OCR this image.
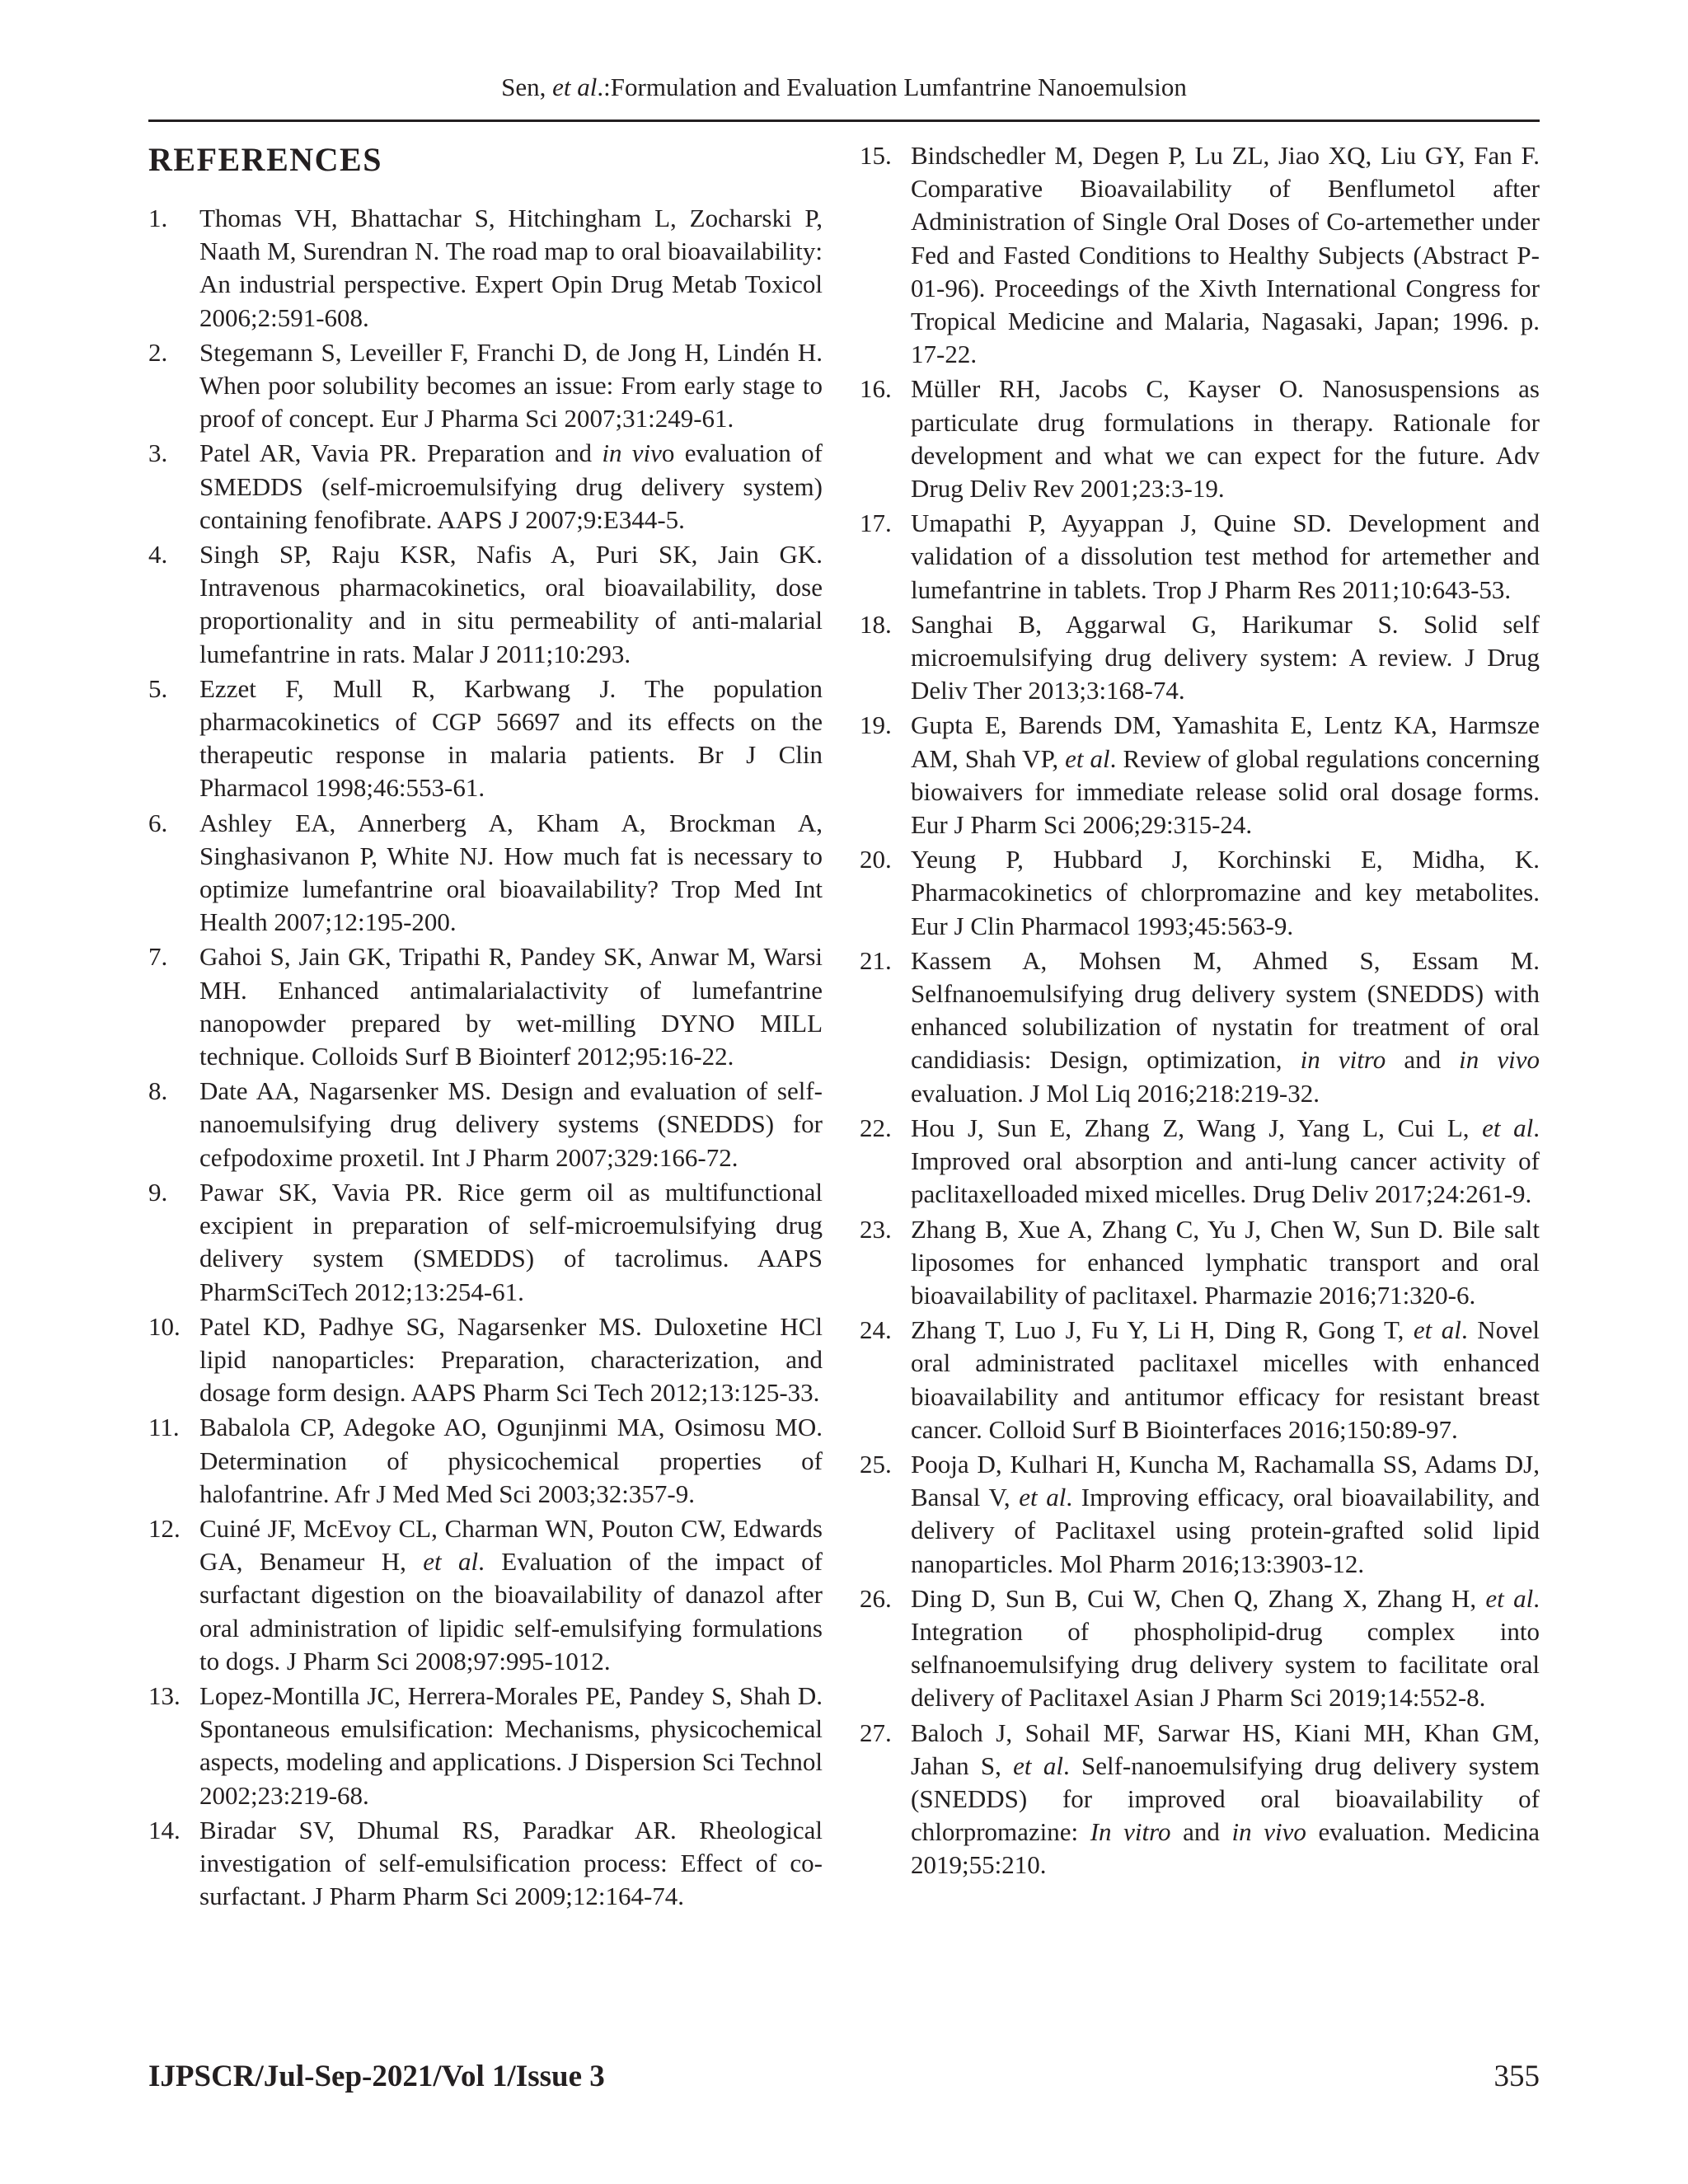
Sen, et al.:Formulation and Evaluation Lumfantrine Nanoemulsion
REFERENCES
1.	Thomas VH, Bhattachar S, Hitchingham L, Zocharski P, Naath M, Surendran N. The road map to oral bioavailability: An industrial perspective. Expert Opin Drug Metab Toxicol 2006;2:591-608.
2.	Stegemann S, Leveiller F, Franchi D, de Jong H, Lindén H. When poor solubility becomes an issue: From early stage to proof of concept. Eur J Pharma Sci 2007;31:249-61.
3.	Patel AR, Vavia PR. Preparation and in vivo evaluation of SMEDDS (self-microemulsifying drug delivery system) containing fenofibrate. AAPS J 2007;9:E344-5.
4.	Singh SP, Raju KSR, Nafis A, Puri SK, Jain GK. Intravenous pharmacokinetics, oral bioavailability, dose proportionality and in situ permeability of anti-malarial lumefantrine in rats. Malar J 2011;10:293.
5.	Ezzet F, Mull R, Karbwang J. The population pharmacokinetics of CGP 56697 and its effects on the therapeutic response in malaria patients. Br J Clin Pharmacol 1998;46:553-61.
6.	Ashley EA, Annerberg A, Kham A, Brockman A, Singhasivanon P, White NJ. How much fat is necessary to optimize lumefantrine oral bioavailability? Trop Med Int Health 2007;12:195-200.
7.	Gahoi S, Jain GK, Tripathi R, Pandey SK, Anwar M, Warsi MH. Enhanced antimalarialactivity of lumefantrine nanopowder prepared by wet-milling DYNO MILL technique. Colloids Surf B Biointerf 2012;95:16-22.
8.	Date AA, Nagarsenker MS. Design and evaluation of self-nanoemulsifying drug delivery systems (SNEDDS) for cefpodoxime proxetil. Int J Pharm 2007;329:166-72.
9.	Pawar SK, Vavia PR. Rice germ oil as multifunctional excipient in preparation of self-microemulsifying drug delivery system (SMEDDS) of tacrolimus. AAPS PharmSciTech 2012;13:254-61.
10. Patel KD, Padhye SG, Nagarsenker MS. Duloxetine HCl lipid nanoparticles: Preparation, characterization, and dosage form design. AAPS Pharm Sci Tech 2012;13:125-33.
11. Babalola CP, Adegoke AO, Ogunjinmi MA, Osimosu MO. Determination of physicochemical properties of halofantrine. Afr J Med Med Sci 2003;32:357-9.
12. Cuiné JF, McEvoy CL, Charman WN, Pouton CW, Edwards GA, Benameur H, et al. Evaluation of the impact of surfactant digestion on the bioavailability of danazol after oral administration of lipidic self-emulsifying formulations to dogs. J Pharm Sci 2008;97:995-1012.
13. Lopez-Montilla JC, Herrera-Morales PE, Pandey S, Shah D. Spontaneous emulsification: Mechanisms, physicochemical aspects, modeling and applications. J Dispersion Sci Technol 2002;23:219-68.
14. Biradar SV, Dhumal RS, Paradkar AR. Rheological investigation of self-emulsification process: Effect of co-surfactant. J Pharm Pharm Sci 2009;12:164-74.
15. Bindschedler M, Degen P, Lu ZL, Jiao XQ, Liu GY, Fan F. Comparative Bioavailability of Benflumetol after Administration of Single Oral Doses of Co-artemether under Fed and Fasted Conditions to Healthy Subjects (Abstract P-01-96). Proceedings of the Xivth International Congress for Tropical Medicine and Malaria, Nagasaki, Japan; 1996. p. 17-22.
16. Müller RH, Jacobs C, Kayser O. Nanosuspensions as particulate drug formulations in therapy. Rationale for development and what we can expect for the future. Adv Drug Deliv Rev 2001;23:3-19.
17. Umapathi P, Ayyappan J, Quine SD. Development and validation of a dissolution test method for artemether and lumefantrine in tablets. Trop J Pharm Res 2011;10:643-53.
18. Sanghai B, Aggarwal G, Harikumar S. Solid self microemulsifying drug delivery system: A review. J Drug Deliv Ther 2013;3:168-74.
19. Gupta E, Barends DM, Yamashita E, Lentz KA, Harmsze AM, Shah VP, et al. Review of global regulations concerning biowaivers for immediate release solid oral dosage forms. Eur J Pharm Sci 2006;29:315-24.
20. Yeung P, Hubbard J, Korchinski E, Midha, K. Pharmacokinetics of chlorpromazine and key metabolites. Eur J Clin Pharmacol 1993;45:563-9.
21. Kassem A, Mohsen M, Ahmed S, Essam M. Selfnanoemulsifying drug delivery system (SNEDDS) with enhanced solubilization of nystatin for treatment of oral candidiasis: Design, optimization, in vitro and in vivo evaluation. J Mol Liq 2016;218:219-32.
22. Hou J, Sun E, Zhang Z, Wang J, Yang L, Cui L, et al. Improved oral absorption and anti-lung cancer activity of paclitaxelloaded mixed micelles. Drug Deliv 2017;24:261-9.
23. Zhang B, Xue A, Zhang C, Yu J, Chen W, Sun D. Bile salt liposomes for enhanced lymphatic transport and oral bioavailability of paclitaxel. Pharmazie 2016;71:320-6.
24. Zhang T, Luo J, Fu Y, Li H, Ding R, Gong T, et al. Novel oral administrated paclitaxel micelles with enhanced bioavailability and antitumor efficacy for resistant breast cancer. Colloid Surf B Biointerfaces 2016;150:89-97.
25. Pooja D, Kulhari H, Kuncha M, Rachamalla SS, Adams DJ, Bansal V, et al. Improving efficacy, oral bioavailability, and delivery of Paclitaxel using protein-grafted solid lipid nanoparticles. Mol Pharm 2016;13:3903-12.
26. Ding D, Sun B, Cui W, Chen Q, Zhang X, Zhang H, et al. Integration of phospholipid-drug complex into selfnanoemulsifying drug delivery system to facilitate oral delivery of Paclitaxel Asian J Pharm Sci 2019;14:552-8.
27. Baloch J, Sohail MF, Sarwar HS, Kiani MH, Khan GM, Jahan S, et al. Self-nanoemulsifying drug delivery system (SNEDDS) for improved oral bioavailability of chlorpromazine: In vitro and in vivo evaluation. Medicina 2019;55:210.
IJPSCR/Jul-Sep-2021/Vol 1/Issue 3	355
